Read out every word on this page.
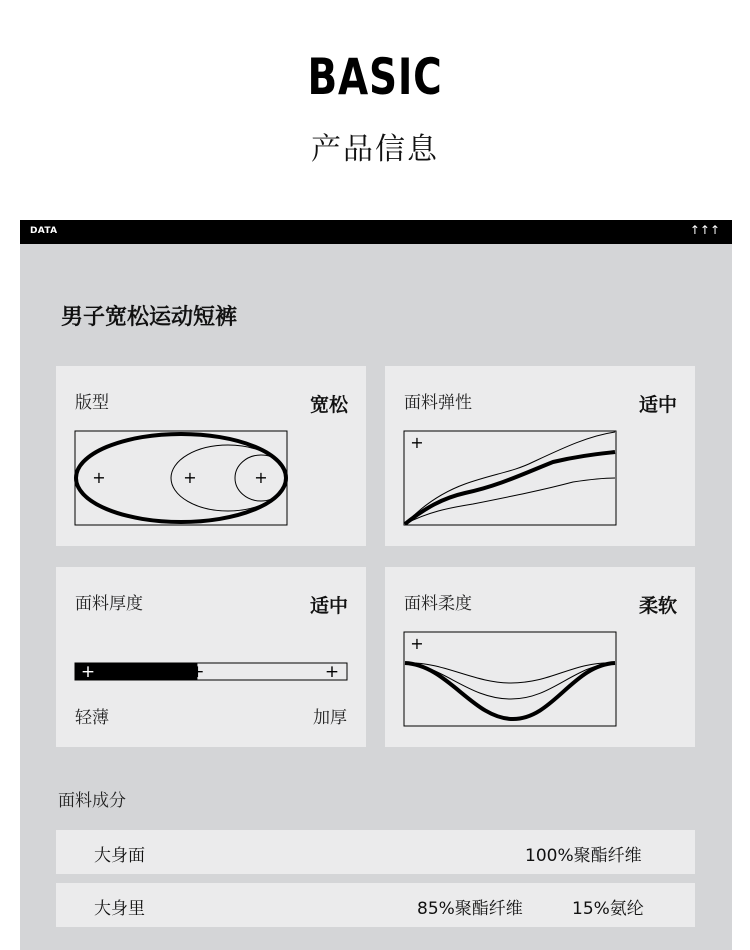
BASIC
产品信息
DATA	↑↑↑
男子宽松运动短裤
版型	宽松
+	+	+
面料弹性	适中
+
面料厚度	适中
+	+	+
轻薄	加厚
面料柔度	柔软
+
面料成分
大身面	100%聚酯纤维
大身里	85%聚酯纤维	15%氨纶
